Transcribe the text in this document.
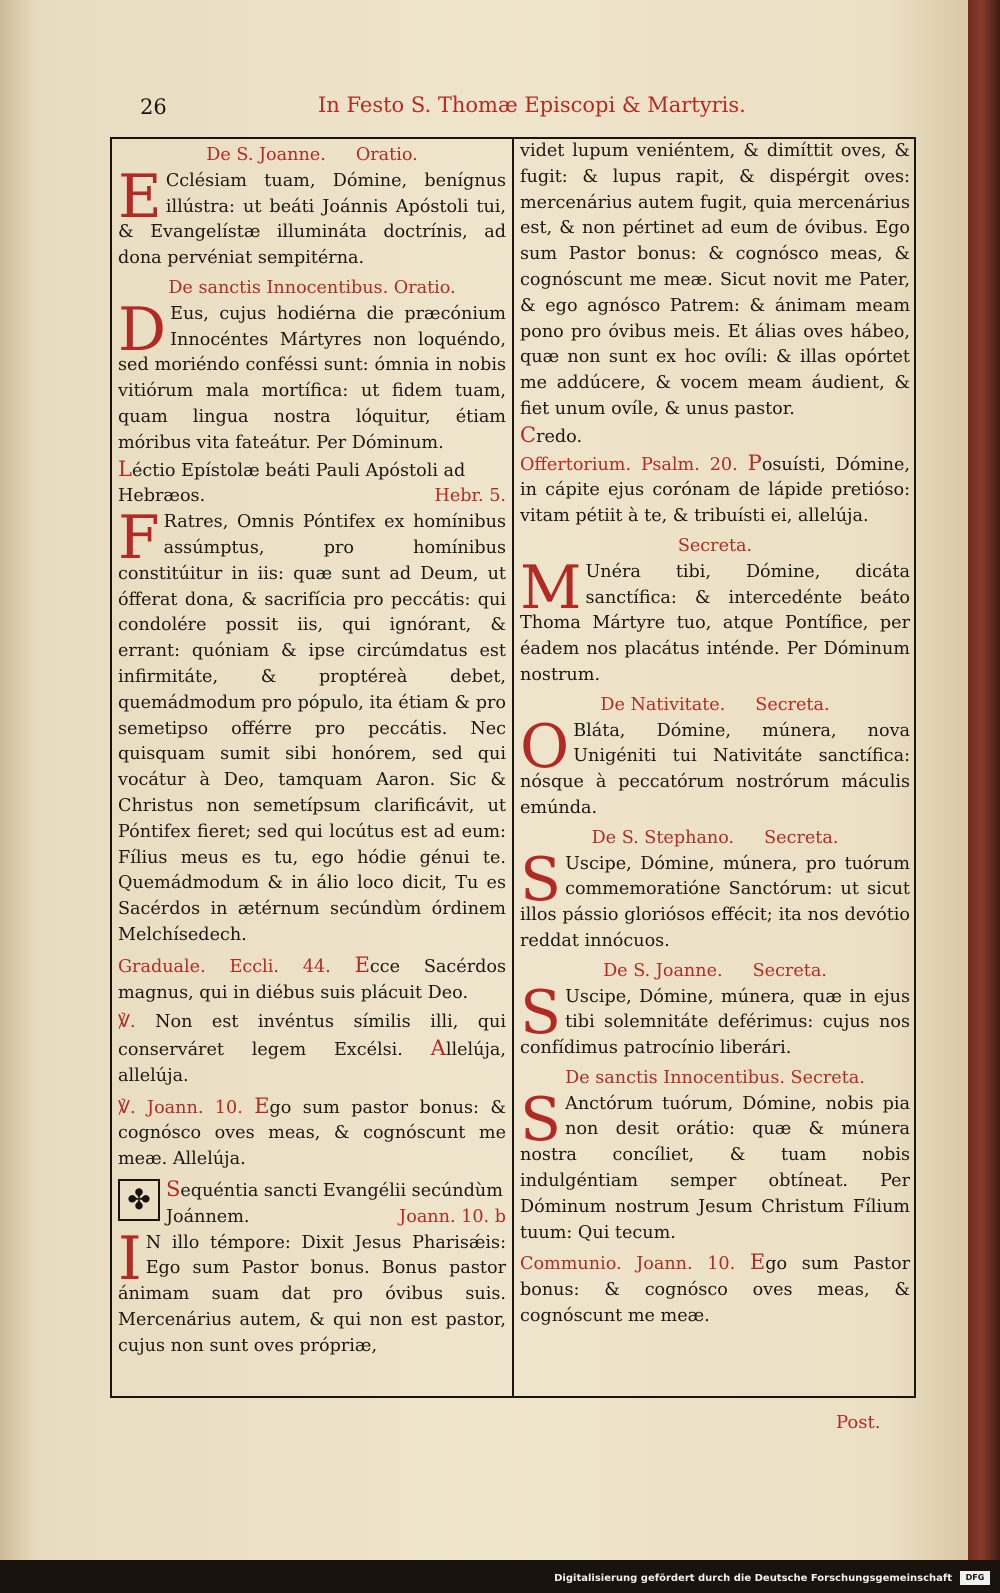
26	In Festo S. Thomæ Episcopi & Martyris.
De S. Joanne. Oratio.

E Cclésiam tuam, Dómine, benígnus illústra: ut beáti Joánnis Apóstoli tui, & Evangelístæ illumináta doctrínis, ad dona pervéniat sempitérna.

De sanctis Innocentibus. Oratio.

D Eus, cujus hodiérna die præcónium Innocéntes Mártyres non loquéndo, sed moriéndo conféssi sunt: ómnia in nobis vitiórum mala mortífica: ut fidem tuam, quam lingua nostra lóquitur, étiam móribus vita fateátur. Per Dóminum.

Léctio Epístolæ beáti Pauli Apóstoli ad Hebræos.	Hebr. 5.

F Ratres, Omnis Póntifex ex homínibus assúmptus, pro homínibus constitúitur in iis: quæ sunt ad Deum, ut ófferat dona, & sacrifícia pro peccátis: qui condolére possit iis, qui ignórant, & errant: quóniam & ipse circúmdatus est infirmitáte, & proptéreà debet, quemádmodum pro pópulo, ita étiam & pro semetipso offérre pro peccátis. Nec quisquam sumit sibi honórem, sed qui vocátur à Deo, tamquam Aaron. Sic & Christus non semetípsum clarificávit, ut Póntifex fieret; sed qui locútus est ad eum: Fílius meus es tu, ego hódie génui te. Quemádmodum & in álio loco dicit, Tu es Sacérdos in ætérnum secúndùm órdinem Melchísedech.

Graduale. Eccli. 44. Ecce Sacérdos magnus, qui in diébus suis plácuit Deo.

℣. Non est invéntus símilis illi, qui conserváret legem Excélsi. Allelúja, allelúja.

℣. Joann. 10. Ego sum pastor bonus: & cognósco oves meas, & cognóscunt me meæ. Allelúja.

✤
Sequéntia sancti Evangélii secúndùm Joánnem.	Joann. 10. b

I N illo témpore: Dixit Jesus Pharisǽis: Ego sum Pastor bonus. Bonus pastor ánimam suam dat pro óvibus suis. Mercenárius autem, & qui non est pastor, cujus non sunt oves própriæ,

videt lupum veniéntem, & dimíttit oves, & fugit: & lupus rapit, & dispérgit oves: mercenárius autem fugit, quia mercenárius est, & non pértinet ad eum de óvibus. Ego sum Pastor bonus: & cognósco meas, & cognóscunt me meæ. Sicut novit me Pater, & ego agnósco Patrem: & ánimam meam pono pro óvibus meis. Et álias oves hábeo, quæ non sunt ex hoc ovíli: & illas opórtet me addúcere, & vocem meam áudient, & fiet unum ovíle, & unus pastor.

Credo.

Offertorium. Psalm. 20. Posuísti, Dómine, in cápite ejus corónam de lápide pretióso: vitam pétiit à te, & tribuísti ei, allelúja.

Secreta.

M Unéra tibi, Dómine, dicáta sanctífica: & intercedénte beáto Thoma Mártyre tuo, atque Pontífice, per éadem nos placátus inténde. Per Dóminum nostrum.

De Nativitate. Secreta.

O Bláta, Dómine, múnera, nova Unigéniti tui Nativitáte sanctífica: nósque à peccatórum nostrórum máculis emúnda.

De S. Stephano. Secreta.

S Uscipe, Dómine, múnera, pro tuórum commemoratióne Sanctórum: ut sicut illos pássio gloriósos effécit; ita nos devótio reddat innócuos.

De S. Joanne. Secreta.

S Uscipe, Dómine, múnera, quæ in ejus tibi solemnitáte deférimus: cujus nos confídimus patrocínio liberári.

De sanctis Innocentibus. Secreta.

S Anctórum tuórum, Dómine, nobis pia non desit orátio: quæ & múnera nostra concíliet, & tuam nobis indulgéntiam semper obtíneat. Per Dóminum nostrum Jesum Christum Fílium tuum: Qui tecum.

Communio. Joann. 10. Ego sum Pastor bonus: & cognósco oves meas, & cognóscunt me meæ.

Post.
Digitalisierung gefördert durch die Deutsche Forschungsgemeinschaft	DFG
